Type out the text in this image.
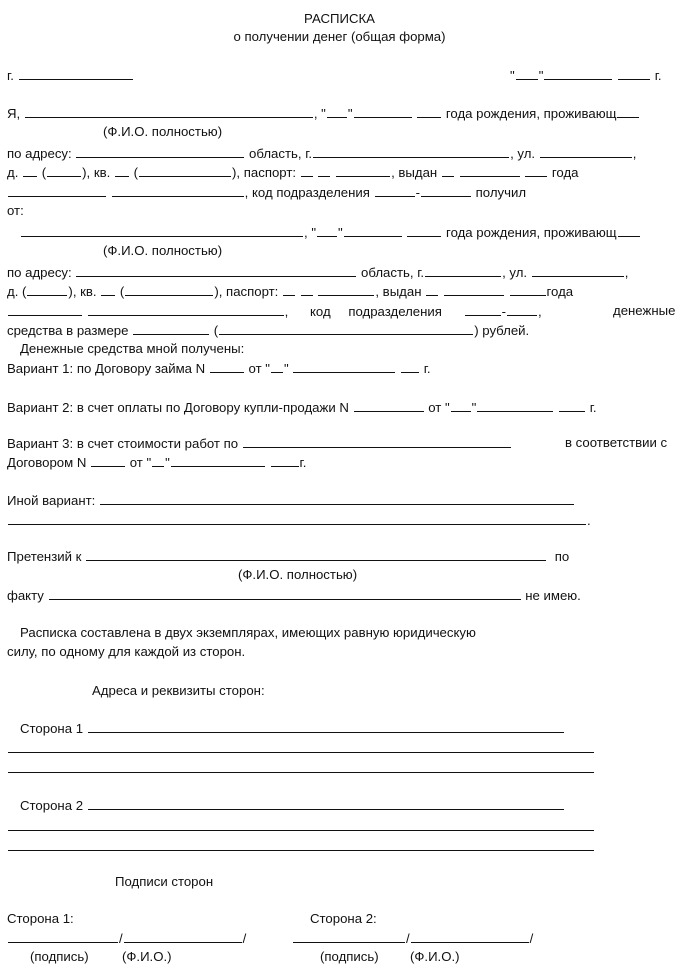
РАСПИСКА
о получении денег (общая форма)
г.	" "	г.
Я,	, " "	года рождения, проживающ
(Ф.И.О. полностью)
по адресу:	область, г.	, ул.	,
д. (	), кв. (	), паспорт:	, выдан	года
, код подразделения	-	получил
от:
, " "	года рождения, проживающ
(Ф.И.О. полностью)
по адресу:	область, г.	, ул.	,
д. (	), кв.  (	), паспорт:	, выдан	года
, код подразделения	- ,	денежные
средства в размере	(	) рублей.
Денежные средства мной получены:
Вариант 1: по Договору займа N	от " "	г.
Вариант 2: в счет оплаты по Договору купли-продажи N	от " "	г.
Вариант 3: в счет стоимости работ по	в соответствии с
Договором N	от " "	г.
Иной вариант:
.
Претензий к	по
(Ф.И.О. полностью)
факту	не имею.
Расписка составлена в двух экземплярах, имеющих равную юридическую
силу, по одному для каждой из сторон.
Адреса и реквизиты сторон:
Сторона 1
Сторона 2
Подписи сторон
Сторона 1:	Сторона 2:
/	/	/	/
(подпись)	(Ф.И.О.)	(подпись) (Ф.И.О.)
